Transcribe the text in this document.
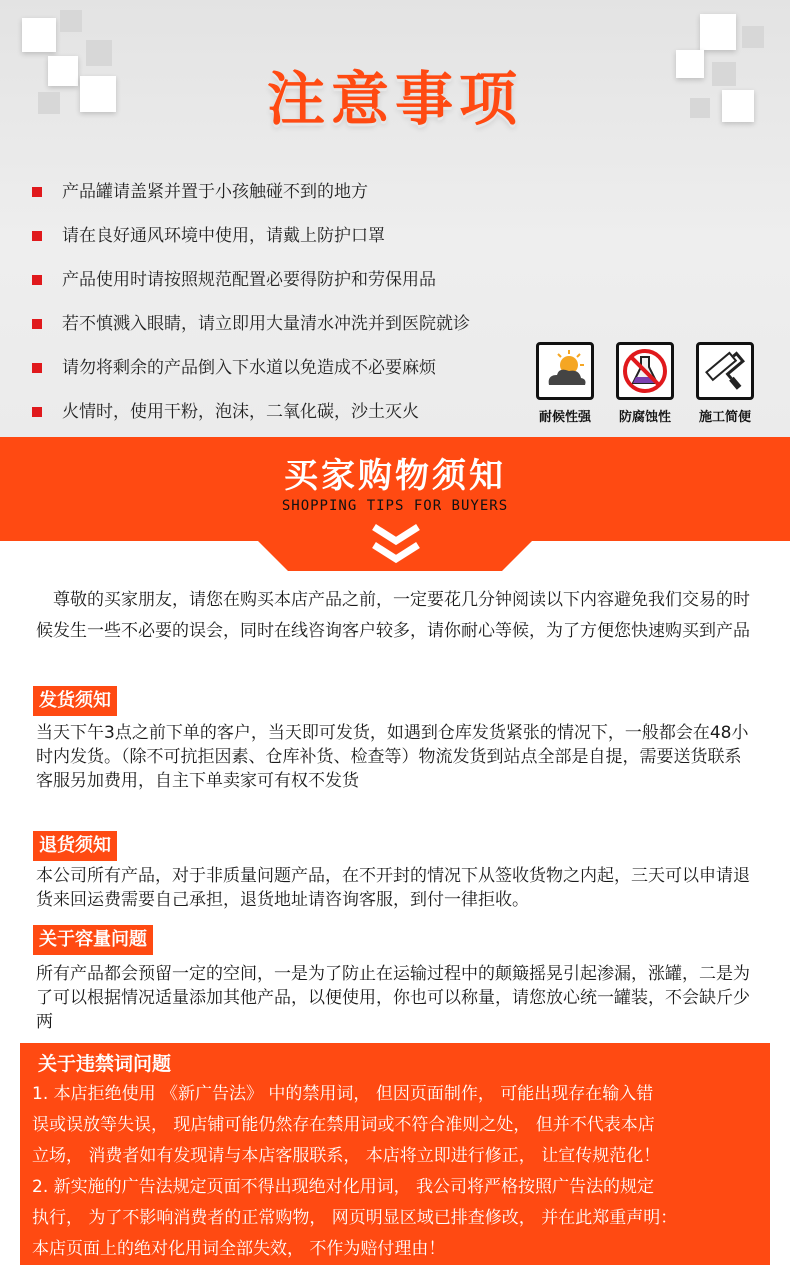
注意事项
产品罐请盖紧并置于小孩触碰不到的地方
请在良好通风环境中使用，请戴上防护口罩
产品使用时请按照规范配置必要得防护和劳保用品
若不慎溅入眼睛，请立即用大量清水冲洗并到医院就诊
请勿将剩余的产品倒入下水道以免造成不必要麻烦
火情时，使用干粉，泡沫，二氧化碳，沙土灭火	耐候性强	防腐蚀性	施工简便
买家购物须知
SHOPPING TIPS FOR BUYERS

尊敬的买家朋友，请您在购买本店产品之前，一定要花几分钟阅读以下内容避免我们交易的时候发生一些不必要的误会，同时在线咨询客户较多，请你耐心等候，为了方便您快速购买到产品

发货须知

当天下午3点之前下单的客户，当天即可发货，如遇到仓库发货紧张的情况下，一般都会在48小时内发货。（除不可抗拒因素、仓库补货、检查等）物流发货到站点全部是自提，需要送货联系客服另加费用，自主下单卖家可有权不发货

退货须知

本公司所有产品，对于非质量问题产品，在不开封的情况下从签收货物之内起，三天可以申请退货来回运费需要自己承担，退货地址请咨询客服，到付一律拒收。

关于容量问题

所有产品都会预留一定的空间，一是为了防止在运输过程中的颠簸摇晃引起渗漏，涨罐，二是为了可以根据情况适量添加其他产品，以便使用，你也可以称量，请您放心统一罐装，不会缺斤少两

关于违禁词问题

1. 本店拒绝使用 《新广告法》 中的禁用词， 但因页面制作， 可能出现存在输入错

误或误放等失误， 现店铺可能仍然存在禁用词或不符合准则之处， 但并不代表本店

立场， 消费者如有发现请与本店客服联系， 本店将立即进行修正， 让宣传规范化！

2. 新实施的广告法规定页面不得出现绝对化用词， 我公司将严格按照广告法的规定

执行， 为了不影响消费者的正常购物， 网页明显区域已排查修改， 并在此郑重声明：

本店页面上的绝对化用词全部失效， 不作为赔付理由！
